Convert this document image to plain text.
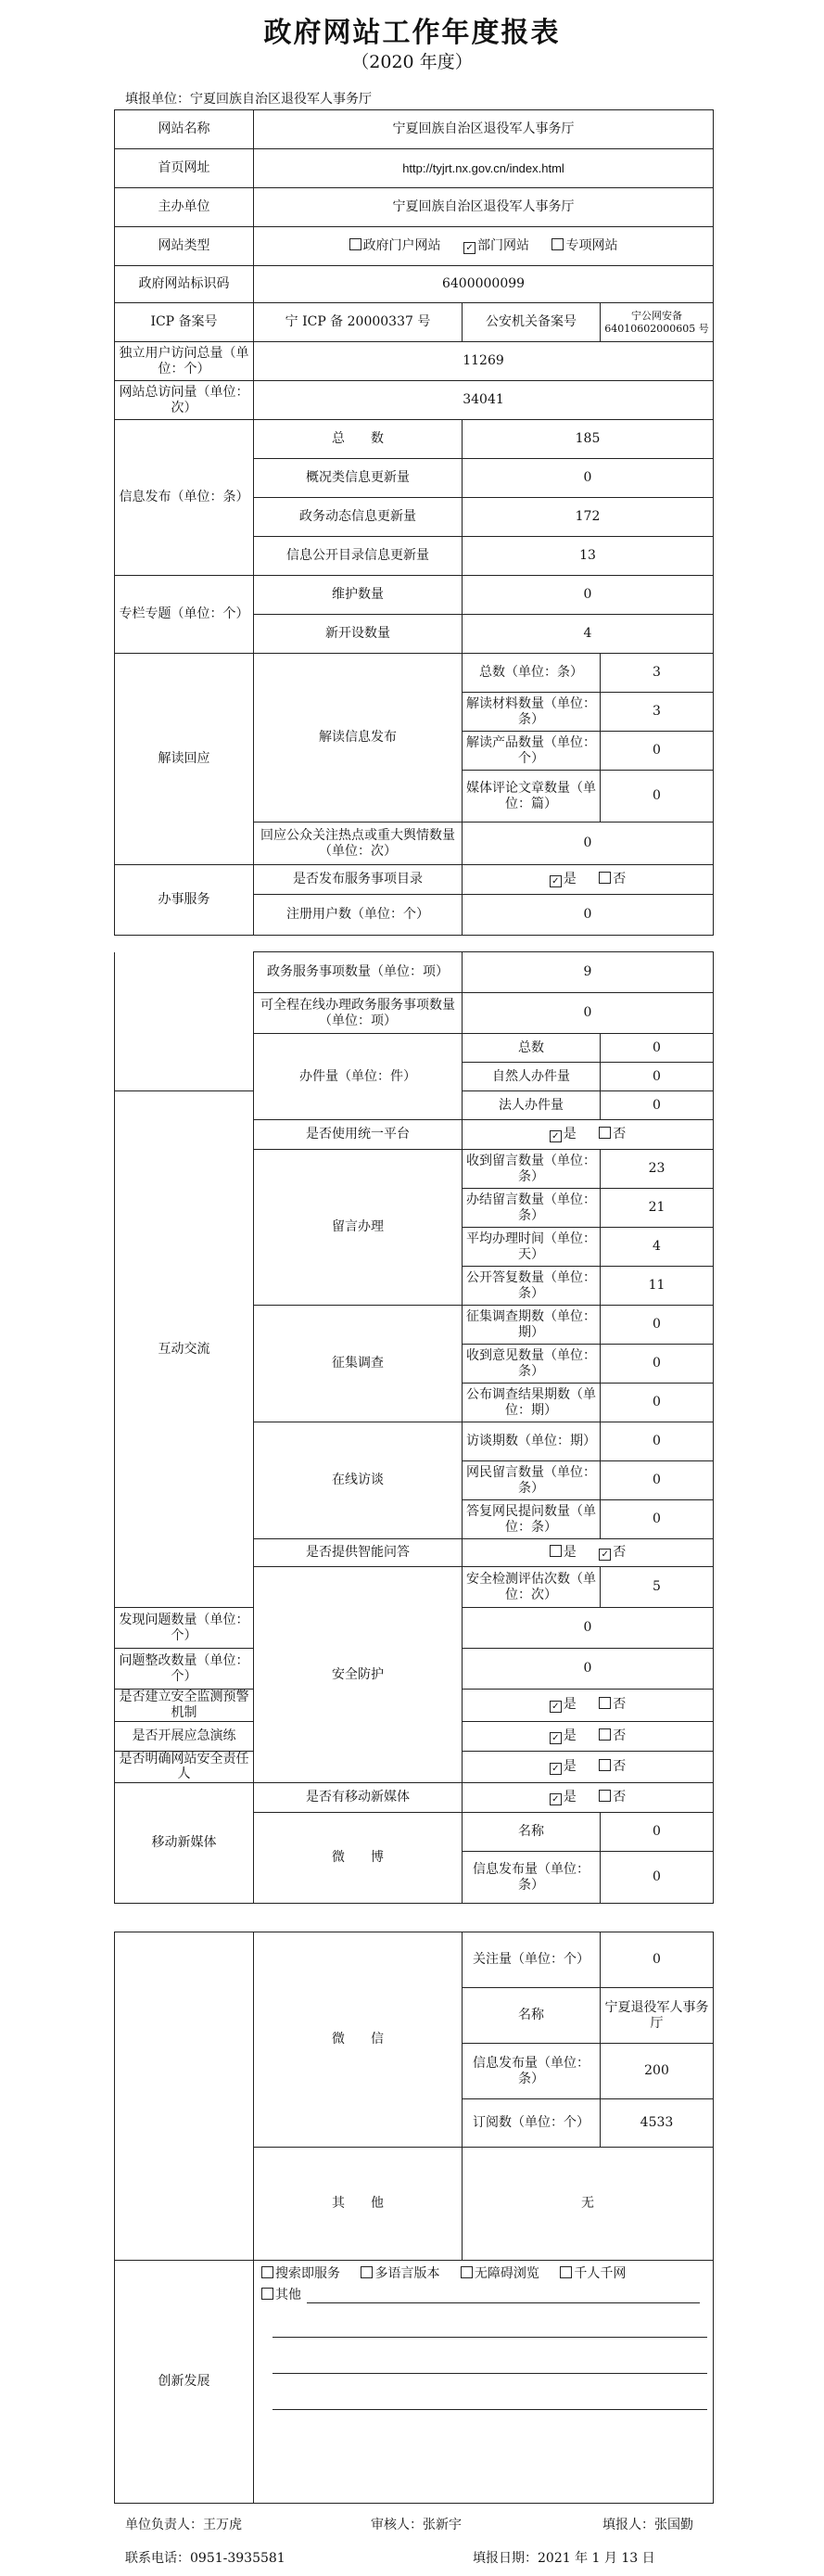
政府网站工作年度报表
（2020 年度）
填报单位：宁夏回族自治区退役军人事务厅
网站名称	宁夏回族自治区退役军人事务厅		
首页网址	http://tyjrt.nx.gov.cn/index.html		
主办单位	宁夏回族自治区退役军人事务厅		
网站类型	政府门户网站 ✓ 部门网站 专项网站		
政府网站标识码	6400000099		
ICP 备案号	宁 ICP 备 20000337 号	公安机关备案号	宁公网安备 64010602000605 号
独立用户访问总量（单位：个）	11269		
网站总访问量（单位：次）	34041		
信息发布（单位：条）	总　　数	185	
	概况类信息更新量	0	
	政务动态信息更新量	172	
	信息公开目录信息更新量	13	
专栏专题（单位：个）	维护数量	0	
	新开设数量	4	
解读回应	解读信息发布	总数（单位：条）	3
		解读材料数量（单位：条）	3
		解读产品数量（单位：个）	0
		媒体评论文章数量（单位：篇）	0
	回应公众关注热点或重大舆情数量（单位：次）	0	
办事服务	是否发布服务事项目录	✓ 是 否	
	注册用户数（单位：个）	0	
	政务服务事项数量（单位：项）	9	
	可全程在线办理政务服务事项数量（单位：项）	0	
	办件量（单位：件）	总数	0
		自然人办件量	0
互动交流		法人办件量	0
	是否使用统一平台	✓ 是 否	
	留言办理	收到留言数量（单位：条）	23
		办结留言数量（单位：条）	21
		平均办理时间（单位：天）	4
		公开答复数量（单位：条）	11
	征集调查	征集调查期数（单位：期）	0
		收到意见数量（单位：条）	0
		公布调查结果期数（单位：期）	0
	在线访谈	访谈期数（单位：期）	0
		网民留言数量（单位：条）	0
		答复网民提问数量（单位：条）	0
	是否提供智能问答	是 ✓ 否	
	安全防护	安全检测评估次数（单位：次）	5
发现问题数量（单位：个）		0	
问题整改数量（单位：个）		0	
是否建立安全监测预警机制		✓ 是 否	
是否开展应急演练		✓ 是 否	
是否明确网站安全责任人		✓ 是 否	
移动新媒体	是否有移动新媒体	✓ 是 否	
	微　　博	名称	0
		信息发布量（单位：条）	0
	微　　信	关注量（单位：个）	0
		名称	宁夏退役军人事务厅
		信息发布量（单位：条）	200
		订阅数（单位：个）	4533
	其　　他	无	
创新发展	搜索即服务 多语言版本 无障碍浏览 千人千网
其他		
单位负责人：王万虎	审核人：张新宇	填报人：张国勤
联系电话：0951-3935581	填报日期：2021 年 1 月 13 日
